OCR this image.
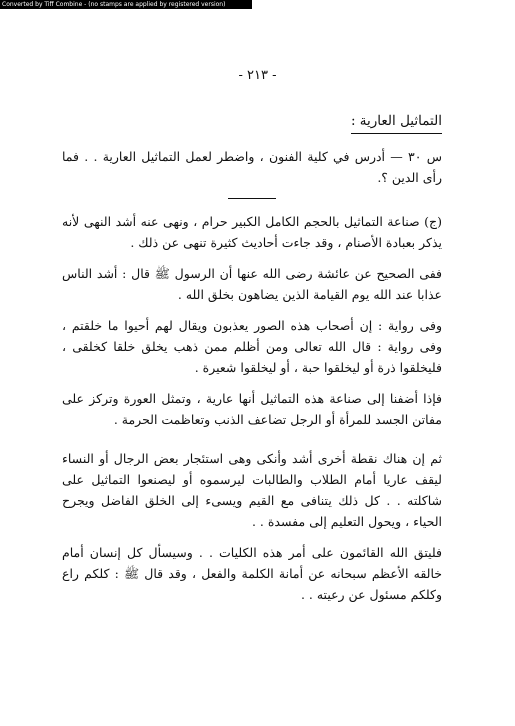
Converted by Tiff Combine - (no stamps are applied by registered version)
- ٢١٣ -
التماثيل العارية :

س ٣٠ — أدرس في كلية الفنون ، واضطر لعمل التماثيل العارية . . فما رأى الدين ؟.

(ج) صناعة التماثيل بالحجم الكامل الكبير حرام ، ونهى عنه أشد النهى لأنه يذكر بعبادة الأصنام ، وقد جاءت أحاديث كثيرة تنهى عن ذلك .

ففى الصحيح عن عائشة رضى الله عنها أن الرسول ﷺ قال : أشد الناس عذابا عند الله يوم القيامة الذين يضاهون بخلق الله .

وفى رواية : إن أصحاب هذه الصور يعذبون ويقال لهم أحيوا ما خلقتم ، وفى رواية : قال الله تعالى ومن أظلم ممن ذهب يخلق خلقا كخلقى ، فليخلقوا ذرة أو ليخلقوا حبة ، أو ليخلقوا شعيرة .

فإذا أضفنا إلى صناعة هذه التماثيل أنها عارية ، وتمثل العورة وتركز على مفاتن الجسد للمرأة أو الرجل تضاعف الذنب وتعاظمت الحرمة .

ثم إن هناك نقطة أخرى أشد وأنكى وهى استئجار بعض الرجال أو النساء ليقف عاريا أمام الطلاب والطالبات ليرسموه أو ليصنعوا التماثيل على شاكلته . . كل ذلك يتنافى مع القيم ويسىء إلى الخلق الفاضل ويجرح الحياء ، ويحول التعليم إلى مفسدة . .

فليتق الله القائمون على أمر هذه الكليات . . وسيسأل كل إنسان أمام خالقه الأعظم سبحانه عن أمانة الكلمة والفعل ، وقد قال ﷺ : كلكم راع وكلكم مسئول عن رعيته . .
